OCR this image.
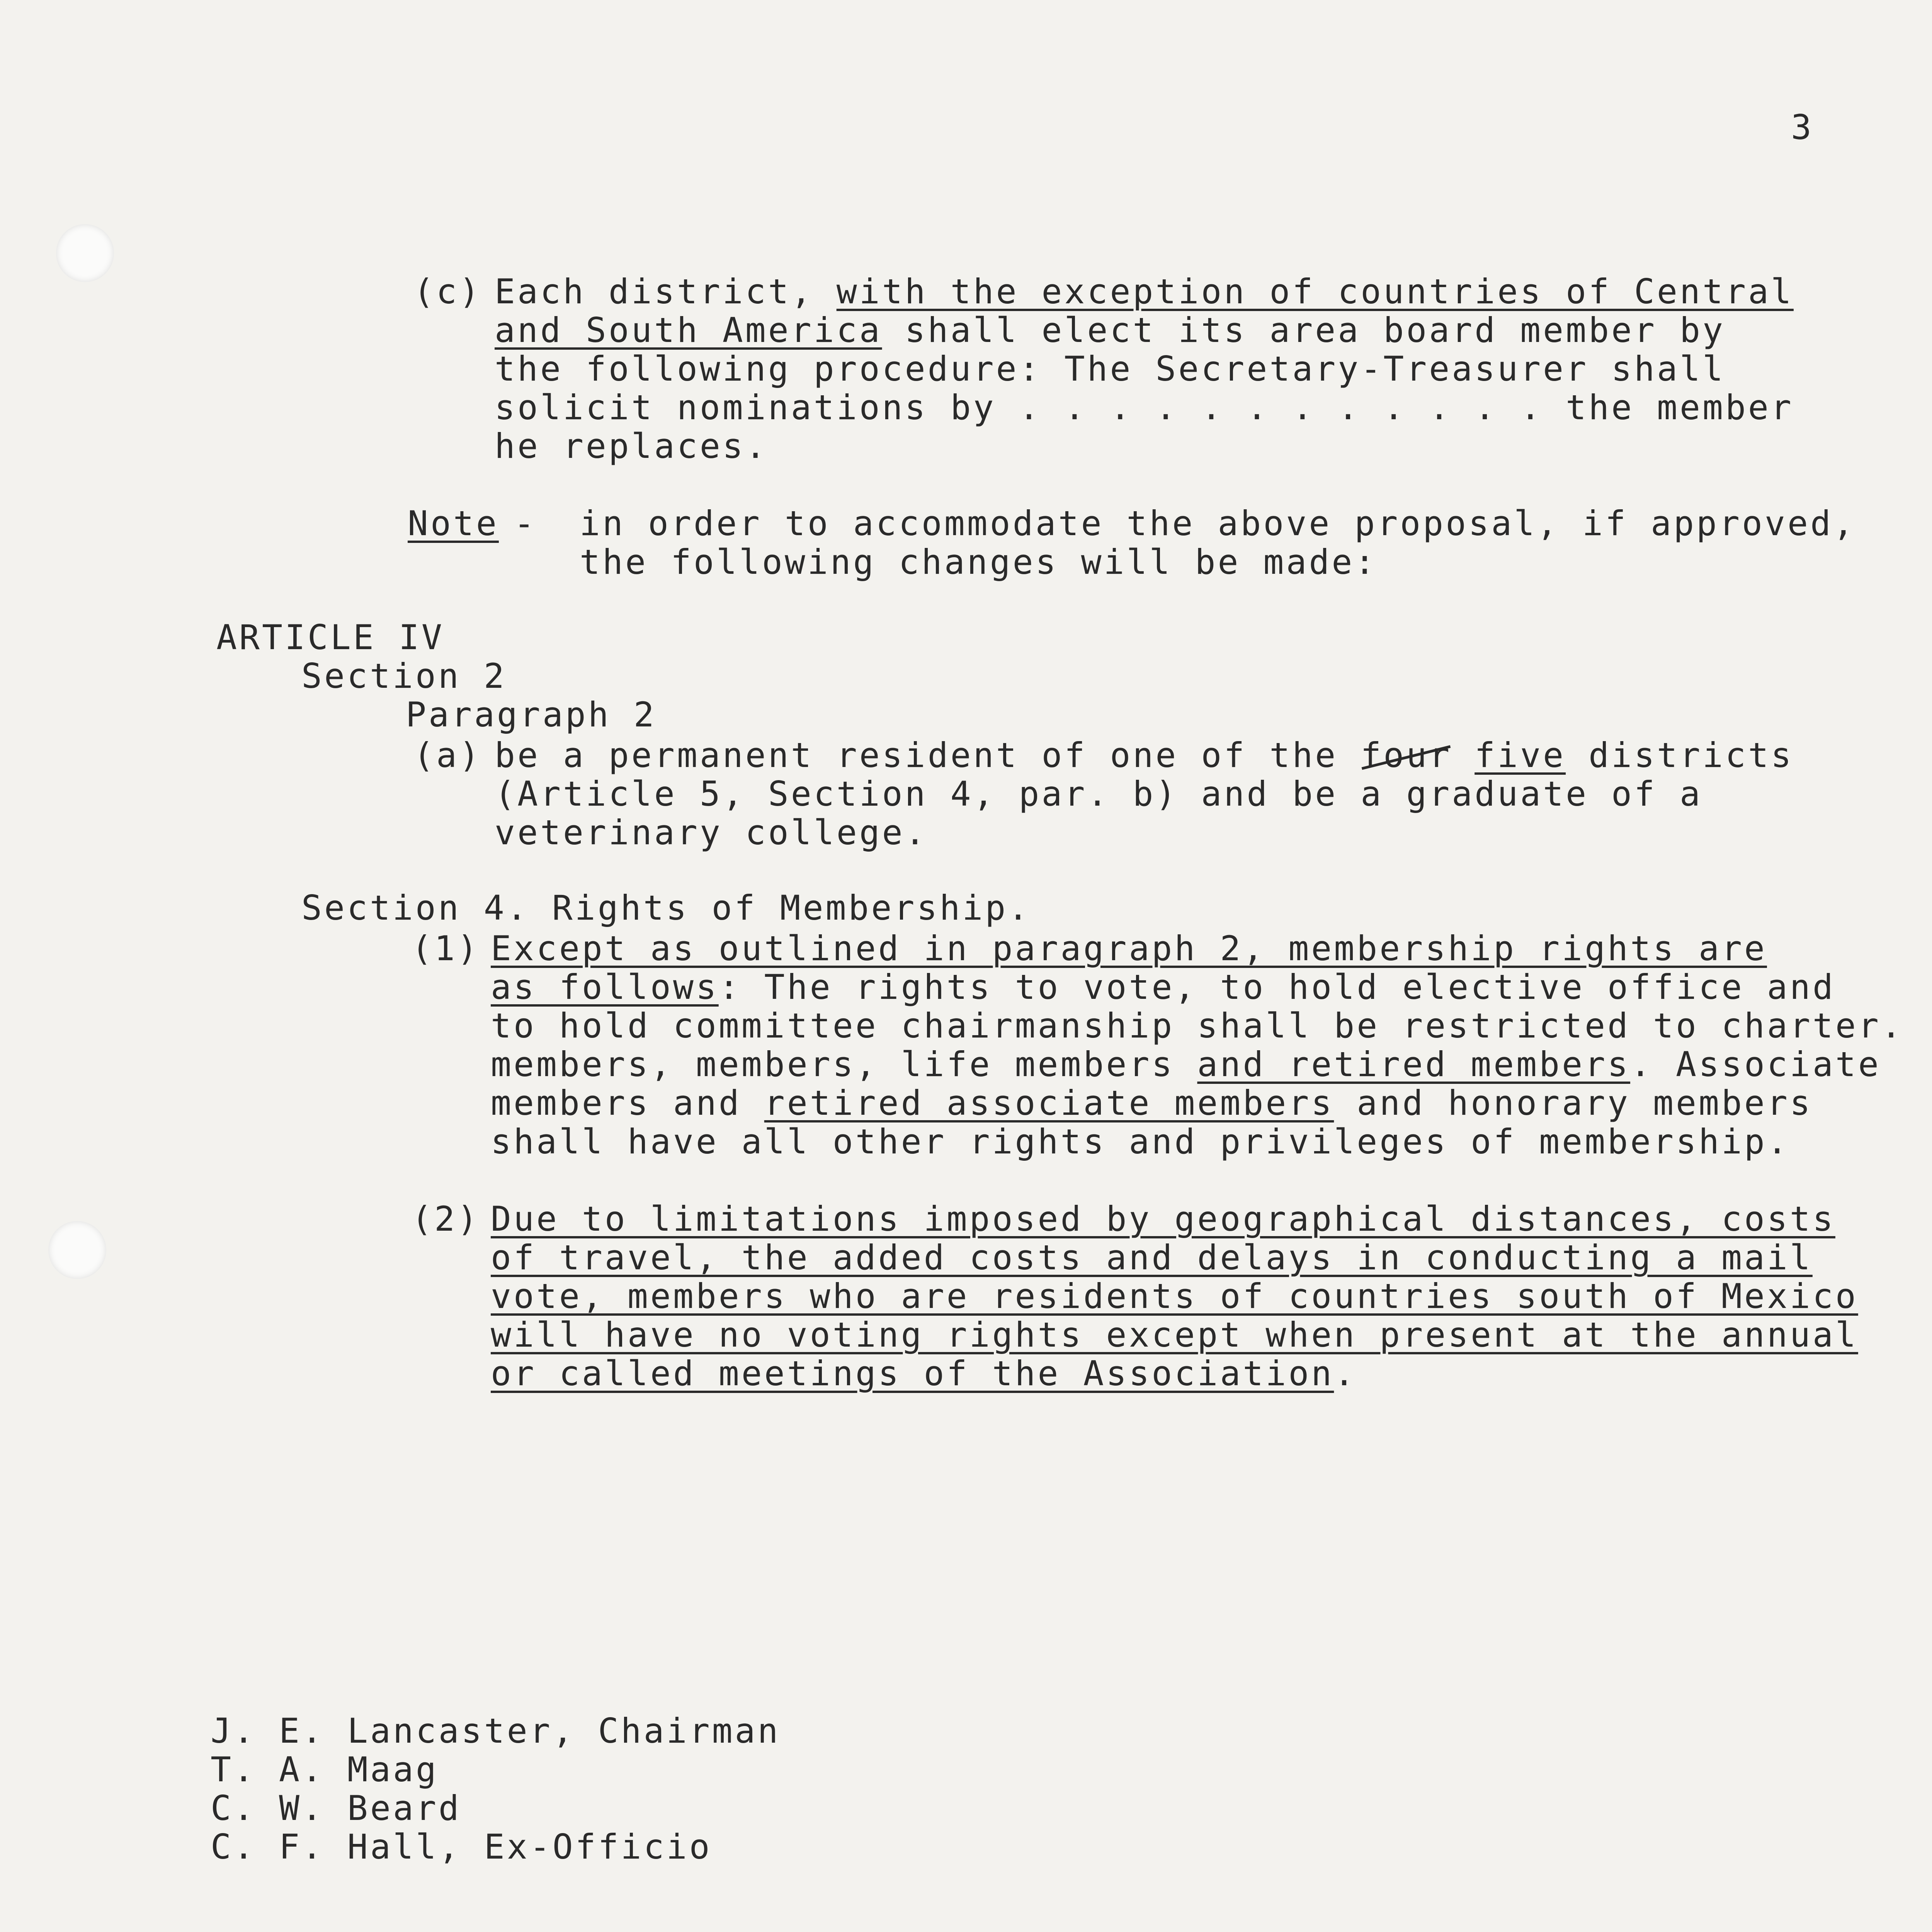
3
(c) Each district, with the exception of countries of Central
and South America shall elect its area board member by
the following procedure: The Secretary-Treasurer shall
solicit nominations by . . . . . . . . . . . . the member
he replaces.
Note - in order to accommodate the above proposal, if approved,
the following changes will be made:
ARTICLE IV
Section 2
Paragraph 2
(a) be a permanent resident of one of the four five districts
(Article 5, Section 4, par. b) and be a graduate of a
veterinary college.
Section 4. Rights of Membership.
(1) Except as outlined in paragraph 2, membership rights are
as follows: The rights to vote, to hold elective office and
to hold committee chairmanship shall be restricted to charter.
members, members, life members and retired members. Associate
members and retired associate members and honorary members
shall have all other rights and privileges of membership.
(2) Due to limitations imposed by geographical distances, costs
of travel, the added costs and delays in conducting a mail
vote, members who are residents of countries south of Mexico
will have no voting rights except when present at the annual
or called meetings of the Association.
J. E. Lancaster, Chairman
T. A. Maag
C. W. Beard
C. F. Hall, Ex-Officio
